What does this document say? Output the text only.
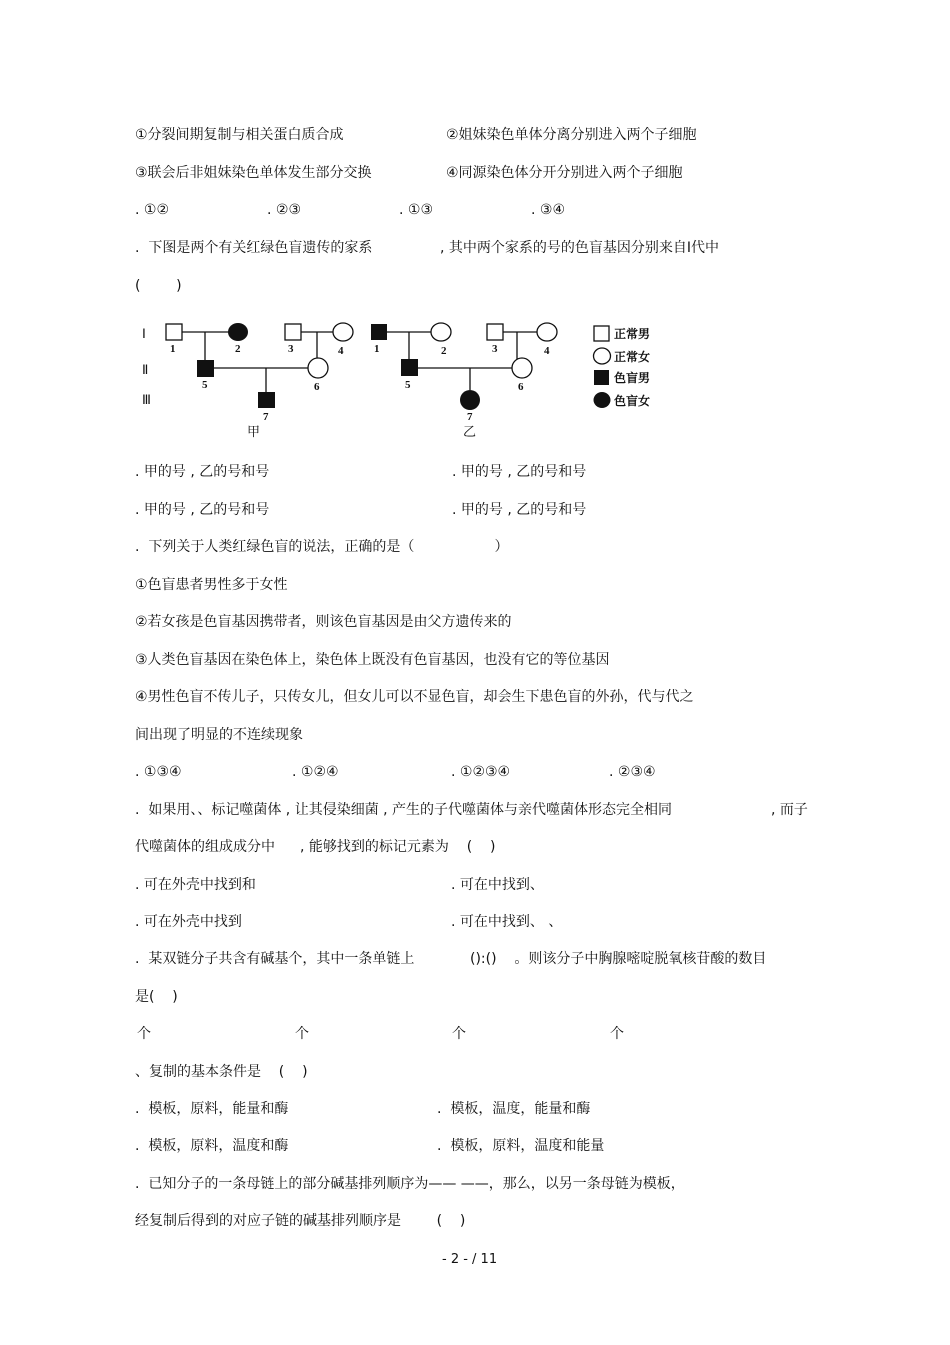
①分裂间期复制与相关蛋白质合成	②姐妹染色单体分离分别进入两个子细胞
③联会后非姐妹染色单体发生部分交换	④同源染色体分开分别进入两个子细胞
. ①②	. ②③	. ①③	. ③④
.  下图是两个有关红绿色盲遗传的家系	, 其中两个家系的号的色盲基因分别来自Ⅰ代中
(        )
Ⅰ
Ⅱ
Ⅲ
1	2	3	4
5	6
7
1	2	3	4
5	6
7
甲	乙
正常男
正常女
色盲男
色盲女
. 甲的号 , 乙的号和号	. 甲的号 , 乙的号和号
. 甲的号 , 乙的号和号	. 甲的号 , 乙的号和号
.  下列关于人类红绿色盲的说法，正确的是（                  ）
①色盲患者男性多于女性
②若女孩是色盲基因携带者，则该色盲基因是由父方遗传来的
③人类色盲基因在染色体上，染色体上既没有色盲基因，也没有它的等位基因
④男性色盲不传儿子，只传女儿，但女儿可以不显色盲，却会生下患色盲的外孙，代与代之
间出现了明显的不连续现象
. ①③④	. ①②④	. ①②③④	. ②③④
.  如果用、、标记噬菌体 , 让其侵染细菌 , 产生的子代噬菌体与亲代噬菌体形态完全相同	, 而子
代噬菌体的组成成分中 , 能够找到的标记元素为    (    )
. 可在外壳中找到和	. 可在中找到、
. 可在外壳中找到	. 可在中找到、 、
.  某双链分子共含有碱基个，其中一条单链上	():()    。则该分子中胸腺嘧啶脱氧核苷酸的数目
是(    )
个	个	个	个
、复制的基本条件是    (    )
.  模板，原料，能量和酶	.  模板，温度，能量和酶
.  模板，原料，温度和酶	.  模板，原料，温度和能量
.  已知分子的一条母链上的部分碱基排列顺序为—— ——，那么，以另一条母链为模板，
经复制后得到的对应子链的碱基排列顺序是        (    )
- 2 - / 11
